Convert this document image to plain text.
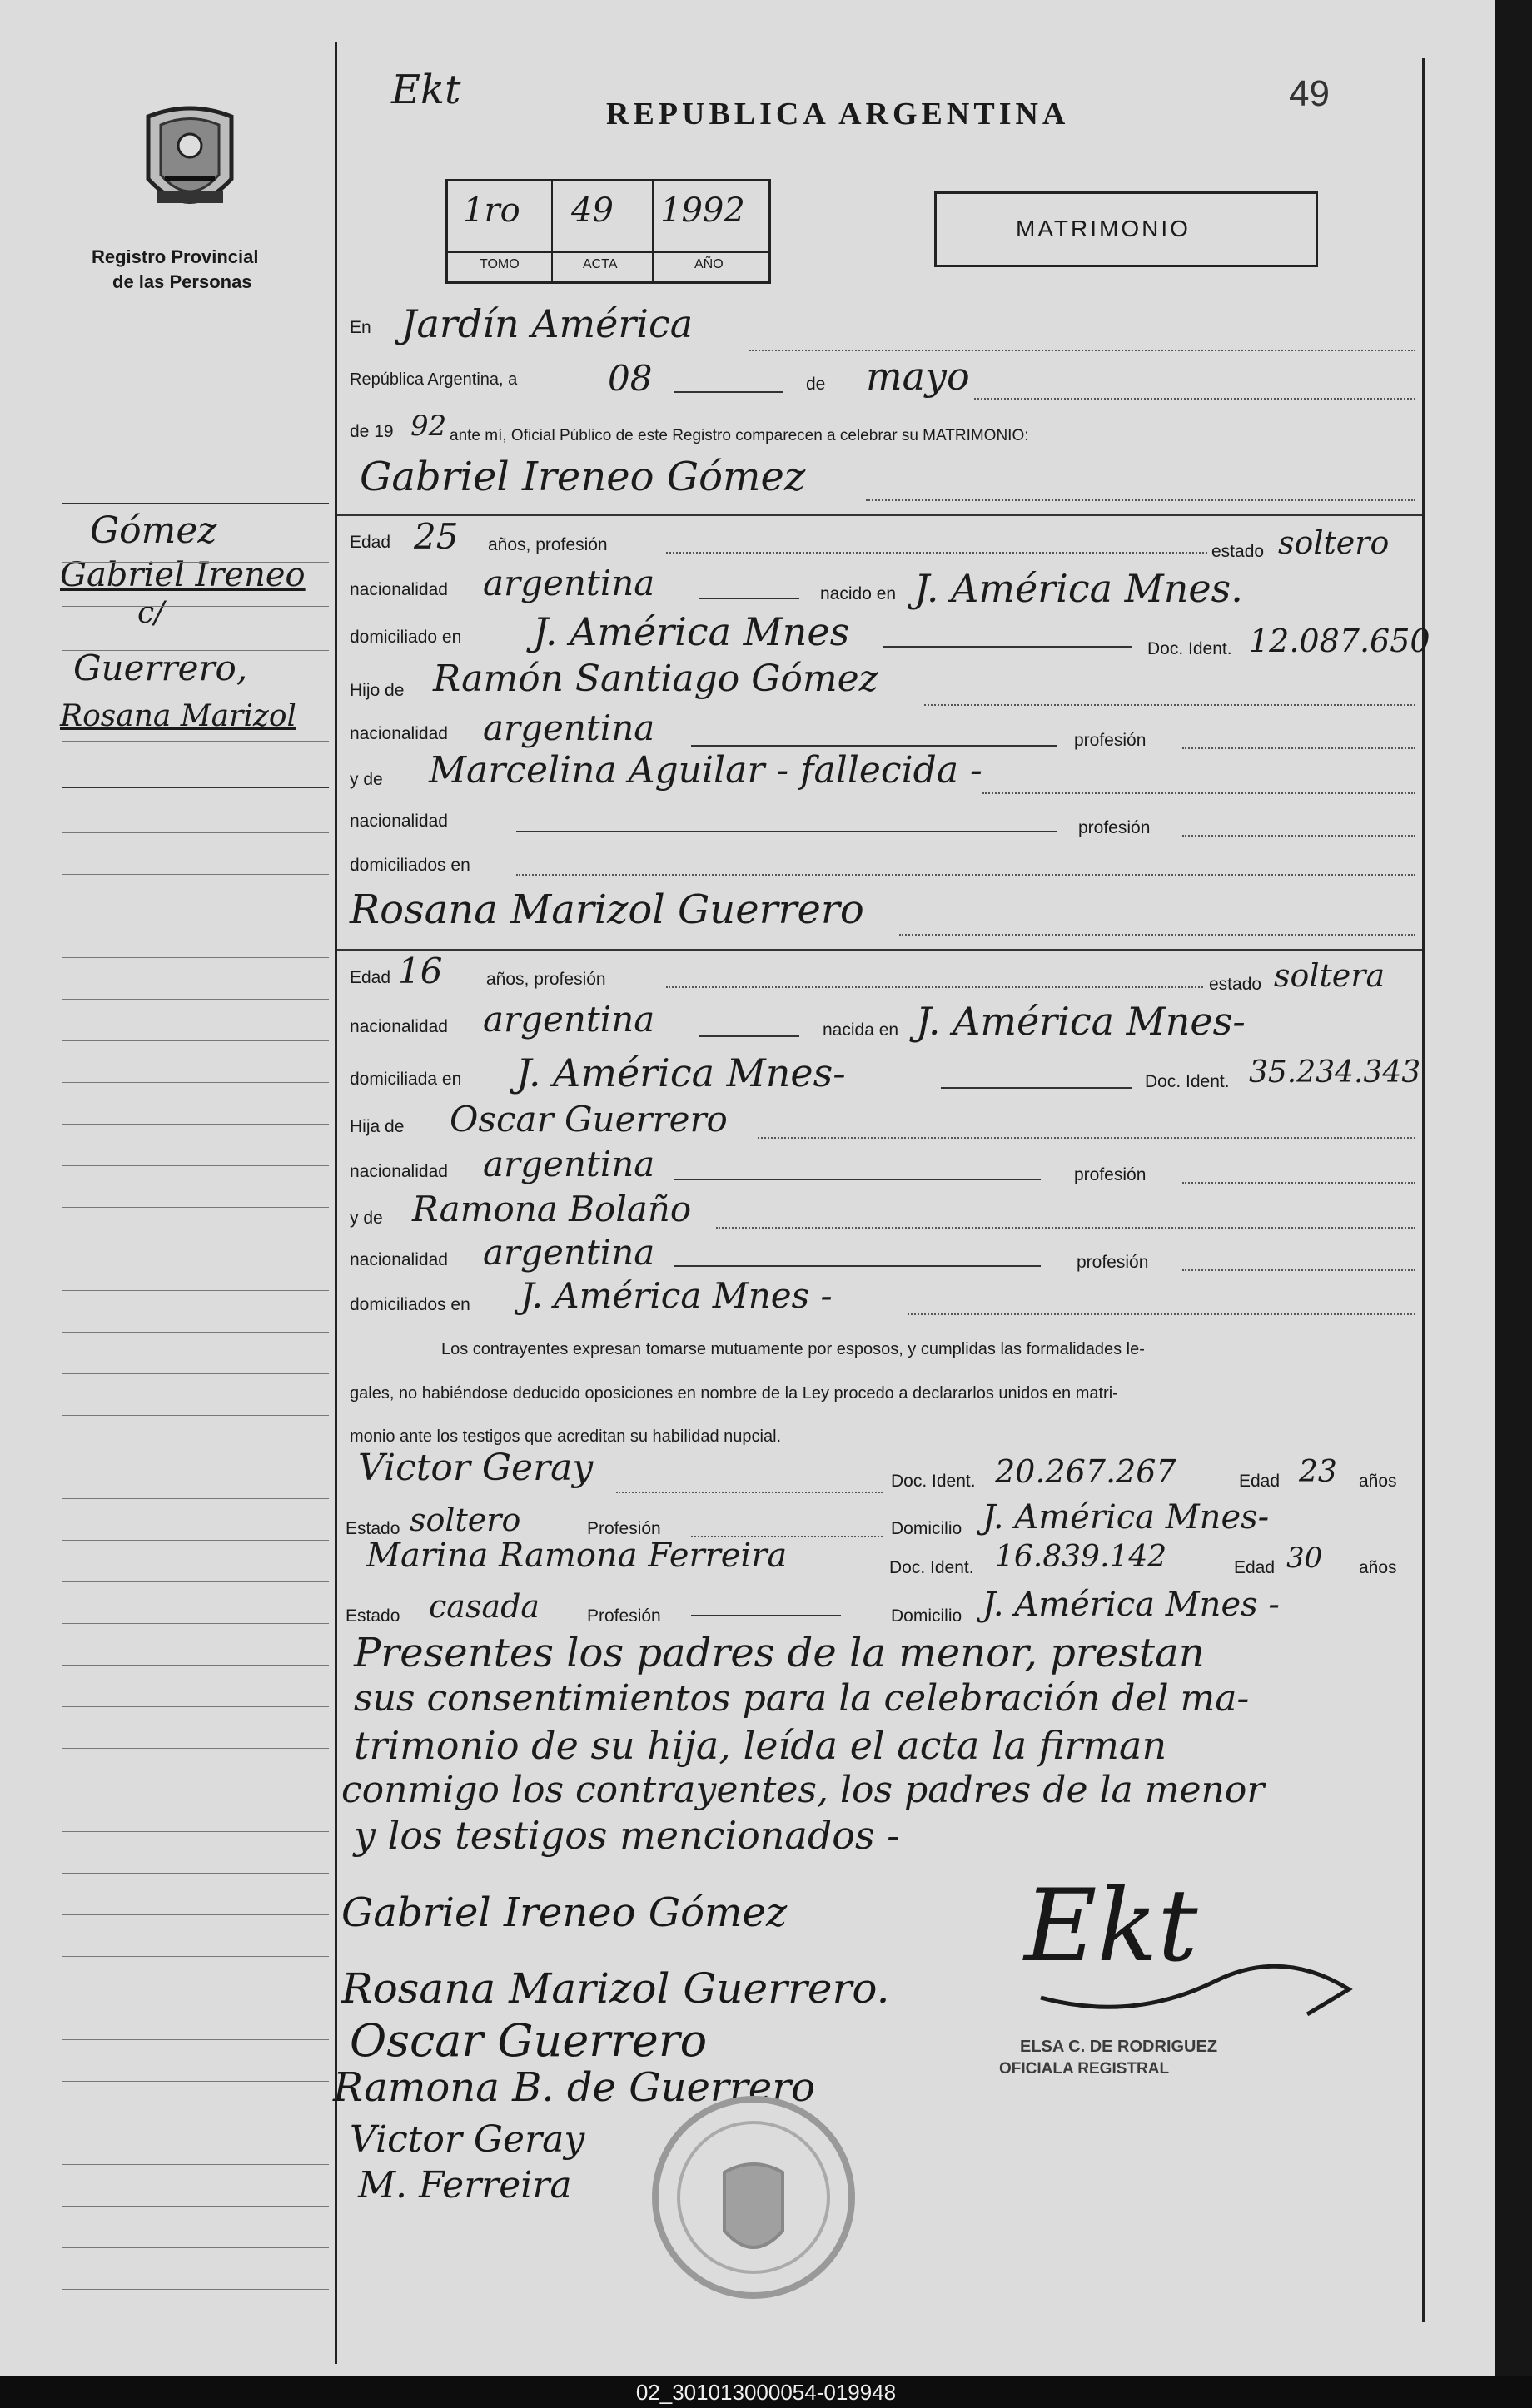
Registro Provincial
de las Personas
Ekt
REPUBLICA ARGENTINA	49
1ro 49 1992
TOMO	ACTA	AÑO
MATRIMONIO
Gómez
Gabriel Ireneo
c/
Guerrero,
Rosana Marizol
En Jardín América
República Argentina, a	08	de mayo
de 19 92 ante mí, Oficial Público de este Registro comparecen a celebrar su MATRIMONIO:
Gabriel Ireneo Gómez
Edad 25 años, profesión	estado soltero
nacionalidad argentina	nacido en J. América Mnes.
domiciliado en J. América Mnes	Doc. Ident. 12.087.650
Hijo de Ramón Santiago Gómez
nacionalidad argentina	profesión
y de Marcelina Aguilar - fallecida -
nacionalidad	profesión
domiciliados en
Rosana Marizol Guerrero
Edad 16	años, profesión	estado soltera
nacionalidad argentina	nacida en J. América Mnes-
domiciliada en J. América Mnes-	Doc. Ident. 35.234.343
Hija de Oscar Guerrero
nacionalidad argentina	profesión
y de Ramona Bolaño
nacionalidad argentina	profesión
domiciliados en J. América Mnes -
Los contrayentes expresan tomarse mutuamente por esposos, y cumplidas las formalidades le-
gales, no habiéndose deducido oposiciones en nombre de la Ley procedo a declararlos unidos en matri-
monio ante los testigos que acreditan su habilidad nupcial.
Victor Geray	Doc. Ident. 20.267.267	Edad 23 años
Estado soltero	Profesión	Domicilio J. América Mnes-
Marina Ramona Ferreira	Doc. Ident. 16.839.142	Edad 30 años
Estado casada	Profesión	Domicilio J. América Mnes -
Presentes los padres de la menor, prestan
sus consentimientos para la celebración del ma-
trimonio de su hija, leída el acta la firman
conmigo los contrayentes, los padres de la menor
y los testigos mencionados -
Gabriel Ireneo Gómez
Rosana Marizol Guerrero.
Oscar Guerrero
Ramona B. de Guerrero
Victor Geray
M. Ferreira
Ekt
ELSA C. DE RODRIGUEZ
OFICIALA REGISTRAL
02_301013000054-019948
